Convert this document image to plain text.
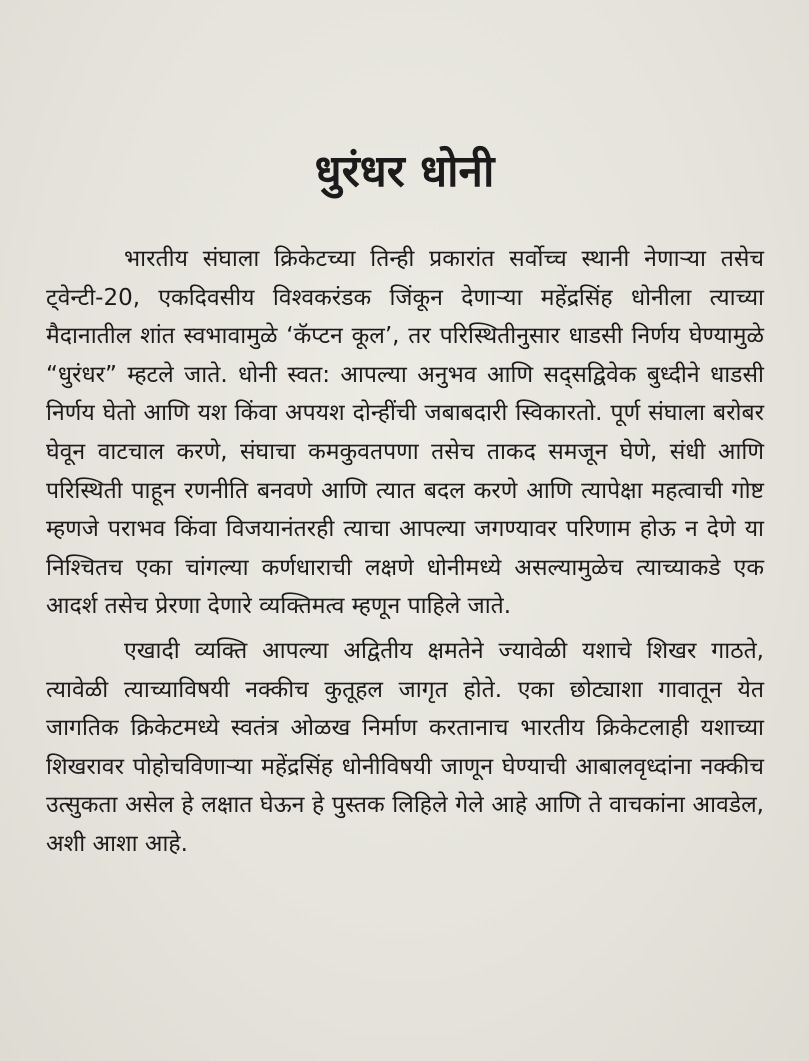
धुरंधर धोनी

भारतीय संघाला क्रिकेटच्या तिन्ही प्रकारांत सर्वोच्च स्थानी नेणाऱ्या तसेच ट्वेन्टी-20, एकदिवसीय विश्वकरंडक जिंकून देणाऱ्या महेंद्रसिंह धोनीला त्याच्या मैदानातील शांत स्वभावामुळे ‘कॅप्टन कूल’, तर परिस्थितीनुसार धाडसी निर्णय घेण्यामुळे “धुरंधर” म्हटले जाते. धोनी स्वत: आपल्या अनुभव आणि सद्सद्विवेक बुध्दीने धाडसी निर्णय घेतो आणि यश किंवा अपयश दोन्हींची जबाबदारी स्विकारतो. पूर्ण संघाला बरोबर घेवून वाटचाल करणे, संघाचा कमकुवतपणा तसेच ताकद समजून घेणे, संधी आणि परिस्थिती पाहून रणनीति बनवणे आणि त्यात बदल करणे आणि त्यापेक्षा महत्वाची गोष्ट म्हणजे पराभव किंवा विजयानंतरही त्याचा आपल्या जगण्यावर परिणाम होऊ न देणे या निश्चितच एका चांगल्या कर्णधाराची लक्षणे धोनीमध्ये असल्यामुळेच त्याच्याकडे एक आदर्श तसेच प्रेरणा देणारे व्यक्तिमत्व म्हणून पाहिले जाते.

एखादी व्यक्ति आपल्या अद्वितीय क्षमतेने ज्यावेळी यशाचे शिखर गाठते, त्यावेळी त्याच्याविषयी नक्कीच कुतूहल जागृत होते. एका छोट्याशा गावातून येत जागतिक क्रिकेटमध्ये स्वतंत्र ओळख निर्माण करतानाच भारतीय क्रिकेटलाही यशाच्या शिखरावर पोहोचविणाऱ्या महेंद्रसिंह धोनीविषयी जाणून घेण्याची आबालवृध्दांना नक्कीच उत्सुकता असेल हे लक्षात घेऊन हे पुस्तक लिहिले गेले आहे आणि ते वाचकांना आवडेल, अशी आशा आहे.
